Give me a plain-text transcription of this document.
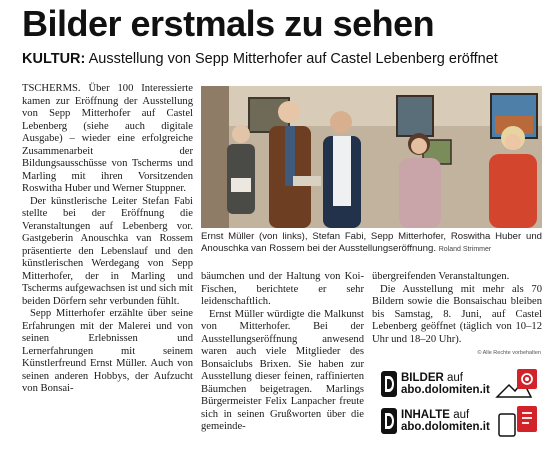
Bilder erstmals zu sehen
KULTUR: Ausstellung von Sepp Mitterhofer auf Castel Lebenberg eröffnet

TSCHERMS. Über 100 Interessierte kamen zur Eröffnung der Ausstellung von Sepp Mitterhofer auf Castel Lebenberg (siehe auch digitale Ausgabe) – wieder eine erfolgreiche Zusammenarbeit der Bildungsausschüsse von Tscherms und Marling mit ihren Vorsitzenden Roswitha Huber und Werner Stuppner.

Der künstlerische Leiter Stefan Fabi stellte bei der Eröffnung die Veranstaltungen auf Lebenberg vor. Gastgeberin Anouschka van Rossem präsentierte den Lebenslauf und den künstlerischen Werdegang von Sepp Mitterhofer, der in Marling und Tscherms aufgewachsen ist und sich mit beiden Dörfern sehr verbunden fühlt.

Sepp Mitterhofer erzählte über seine Erfahrungen mit der Malerei und von seinen Erlebnissen und Lernerfahrungen mit seinem Künstlerfreund Ernst Müller. Auch von seinen anderen Hobbys, der Aufzucht von Bonsai-

Ernst Müller (von links), Stefan Fabi, Sepp Mitterhofer, Roswitha Huber und Anouschka van Rossem bei der Ausstellungseröffnung. Roland Strimmer

bäumchen und der Haltung von Koi-Fischen, berichtete er sehr leidenschaftlich.

Ernst Müller würdigte die Malkunst von Mitterhofer. Bei der Ausstellungseröffnung anwesend waren auch viele Mitglieder des Bonsaiclubs Brixen. Sie haben zur Ausstellung dieser feinen, raffinierten Bäumchen beigetragen. Marlings Bürgermeister Felix Lanpacher freute sich in seinen Grußworten über die gemeinde-

übergreifenden Veranstaltungen.

Die Ausstellung mit mehr als 70 Bildern sowie die Bonsaischau bleiben bis Samstag, 8. Juni, auf Castel Lebenberg geöffnet (täglich von 10–12 Uhr und 18–20 Uhr).

© Alle Rechte vorbehalten
BILDER auf
abo.dolomiten.it
INHALTE auf
abo.dolomiten.it
